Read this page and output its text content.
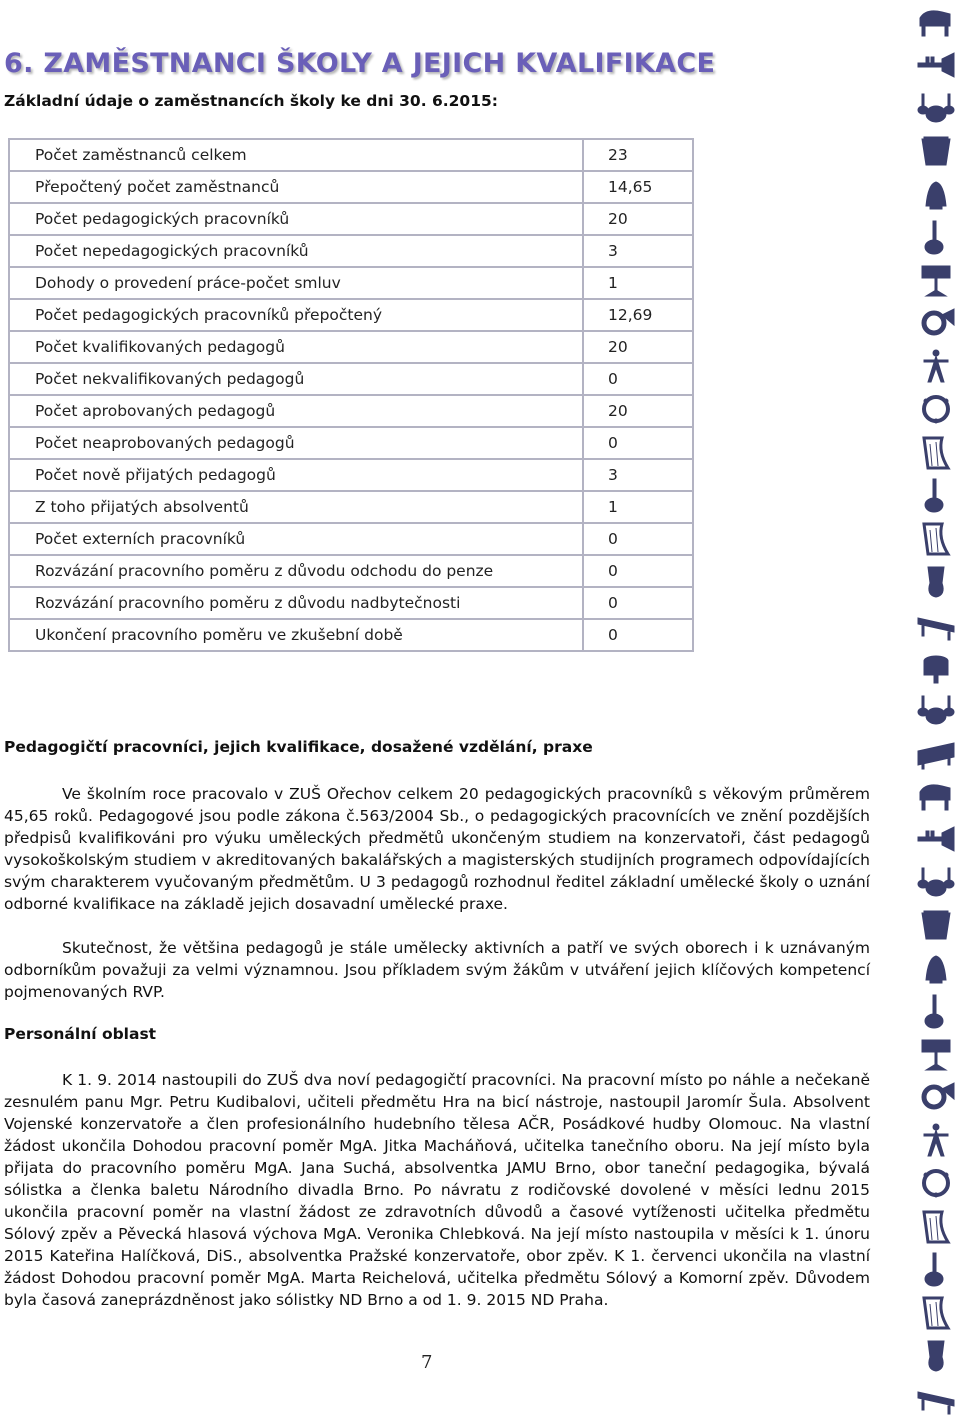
6. ZAMĚSTNANCI ŠKOLY A JEJICH KVALIFIKACE
Základní údaje o zaměstnancích školy ke dni 30. 6.2015:
Počet zaměstnanců celkem	23
Přepočtený počet zaměstnanců	14,65
Počet pedagogických pracovníků	20
Počet nepedagogických pracovníků	3
Dohody o provedení práce-počet smluv	1
Počet pedagogických pracovníků přepočtený	12,69
Počet kvalifikovaných pedagogů	20
Počet nekvalifikovaných pedagogů	0
Počet aprobovaných pedagogů	20
Počet neaprobovaných pedagogů	0
Počet nově přijatých pedagogů	3
Z toho přijatých absolventů	1
Počet externích pracovníků	0
Rozvázání pracovního poměru z důvodu odchodu do penze	0
Rozvázání pracovního poměru z důvodu nadbytečnosti	0
Ukončení pracovního poměru ve zkušební době	0
Pedagogičtí pracovníci, jejich kvalifikace, dosažené vzdělání, praxe

Ve školním roce pracovalo v ZUŠ Ořechov celkem 20 pedagogických pracovníků s věkovým průměrem 45,65 roků. Pedagogové jsou podle zákona č.563/2004 Sb., o pedagogických pracovnících ve znění pozdějších předpisů kvalifikováni pro výuku uměleckých předmětů ukončeným studiem na konzervatoři, část pedagogů vysokoškolským studiem v akreditovaných bakalářských a magisterských studijních programech odpovídajících svým charakterem vyučovaným předmětům. U 3 pedagogů rozhodnul ředitel základní umělecké školy o uznání odborné kvalifikace na základě jejich dosavadní umělecké praxe.

Skutečnost, že většina pedagogů je stále umělecky aktivních a patří ve svých oborech i k uznávaným odborníkům považuji za velmi významnou. Jsou příkladem svým žákům v utváření jejich klíčových kompetencí pojmenovaných RVP.

Personální oblast

K 1. 9. 2014 nastoupili do ZUŠ dva noví pedagogičtí pracovníci. Na pracovní místo po náhle a nečekaně zesnulém panu Mgr. Petru Kudibalovi, učiteli předmětu Hra na bicí nástroje, nastoupil Jaromír Šula. Absolvent Vojenské konzervatoře a člen profesionálního hudebního tělesa AČR, Posádkové hudby Olomouc. Na vlastní žádost ukončila Dohodou pracovní poměr MgA. Jitka Macháňová, učitelka tanečního oboru. Na její místo byla přijata do pracovního poměru MgA. Jana Suchá, absolventka JAMU Brno, obor taneční pedagogika, bývalá sólistka a členka baletu Národního divadla Brno. Po návratu z rodičovské dovolené v měsíci lednu 2015 ukončila pracovní poměr na vlastní žádost ze zdravotních důvodů a časové vytíženosti učitelka předmětu Sólový zpěv a Pěvecká hlasová výchova MgA. Veronika Chlebková. Na její místo nastoupila v měsíci k 1. únoru 2015 Kateřina Halíčková, DiS., absolventka Pražské konzervatoře, obor zpěv. K 1. červenci ukončila na vlastní žádost Dohodou pracovní poměr MgA. Marta Reichelová, učitelka předmětu Sólový a Komorní zpěv. Důvodem byla časová zaneprázdněnost jako sólistky ND Brno a od 1. 9. 2015 ND Praha.

7
